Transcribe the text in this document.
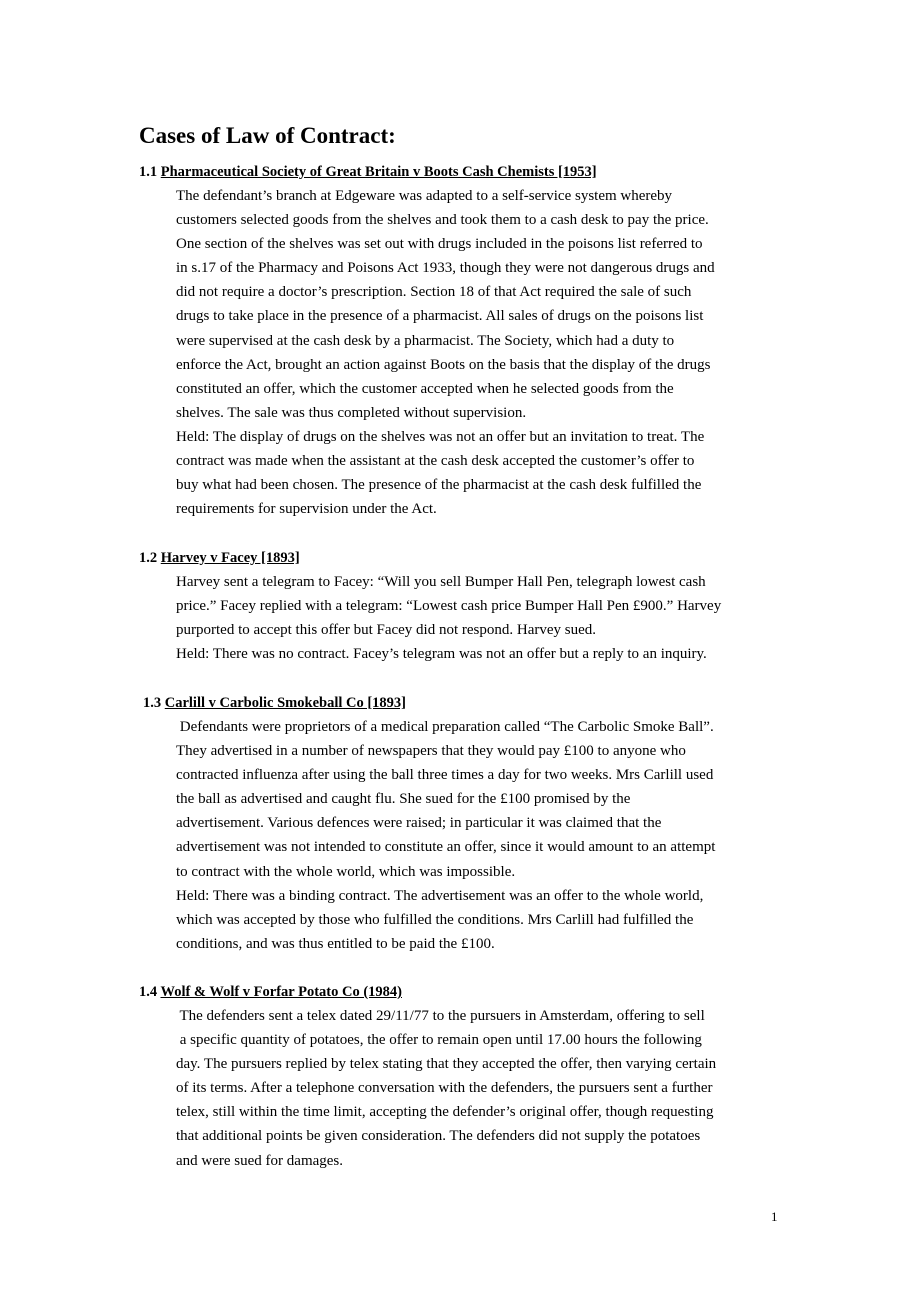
Cases of Law of Contract:
1.1 Pharmaceutical Society of Great Britain v Boots Cash Chemists [1953]
The defendant’s branch at Edgeware was adapted to a self-service system whereby
customers selected goods from the shelves and took them to a cash desk to pay the price.
One section of the shelves was set out with drugs included in the poisons list referred to
in s.17 of the Pharmacy and Poisons Act 1933, though they were not dangerous drugs and
did not require a doctor’s prescription. Section 18 of that Act required the sale of such
drugs to take place in the presence of a pharmacist. All sales of drugs on the poisons list
were supervised at the cash desk by a pharmacist. The Society, which had a duty to
enforce the Act, brought an action against Boots on the basis that the display of the drugs
constituted an offer, which the customer accepted when he selected goods from the
shelves. The sale was thus completed without supervision.
Held: The display of drugs on the shelves was not an offer but an invitation to treat. The
contract was made when the assistant at the cash desk accepted the customer’s offer to
buy what had been chosen. The presence of the pharmacist at the cash desk fulfilled the
requirements for supervision under the Act.
1.2 Harvey v Facey [1893]
Harvey sent a telegram to Facey: “Will you sell Bumper Hall Pen, telegraph lowest cash
price.” Facey replied with a telegram: “Lowest cash price Bumper Hall Pen £900.” Harvey
purported to accept this offer but Facey did not respond. Harvey sued.
Held: There was no contract. Facey’s telegram was not an offer but a reply to an inquiry.
1.3 Carlill v Carbolic Smokeball Co [1893]
Defendants were proprietors of a medical preparation called “The Carbolic Smoke Ball”.
They advertised in a number of newspapers that they would pay £100 to anyone who
contracted influenza after using the ball three times a day for two weeks. Mrs Carlill used
the ball as advertised and caught flu. She sued for the £100 promised by the
advertisement. Various defences were raised; in particular it was claimed that the
advertisement was not intended to constitute an offer, since it would amount to an attempt
to contract with the whole world, which was impossible.
Held: There was a binding contract. The advertisement was an offer to the whole world,
which was accepted by those who fulfilled the conditions. Mrs Carlill had fulfilled the
conditions, and was thus entitled to be paid the £100.
1.4 Wolf & Wolf v Forfar Potato Co (1984)
The defenders sent a telex dated 29/11/77 to the pursuers in Amsterdam, offering to sell
a specific quantity of potatoes, the offer to remain open until 17.00 hours the following
day. The pursuers replied by telex stating that they accepted the offer, then varying certain
of its terms. After a telephone conversation with the defenders, the pursuers sent a further
telex, still within the time limit, accepting the defender’s original offer, though requesting
that additional points be given consideration. The defenders did not supply the potatoes
and were sued for damages.
1
